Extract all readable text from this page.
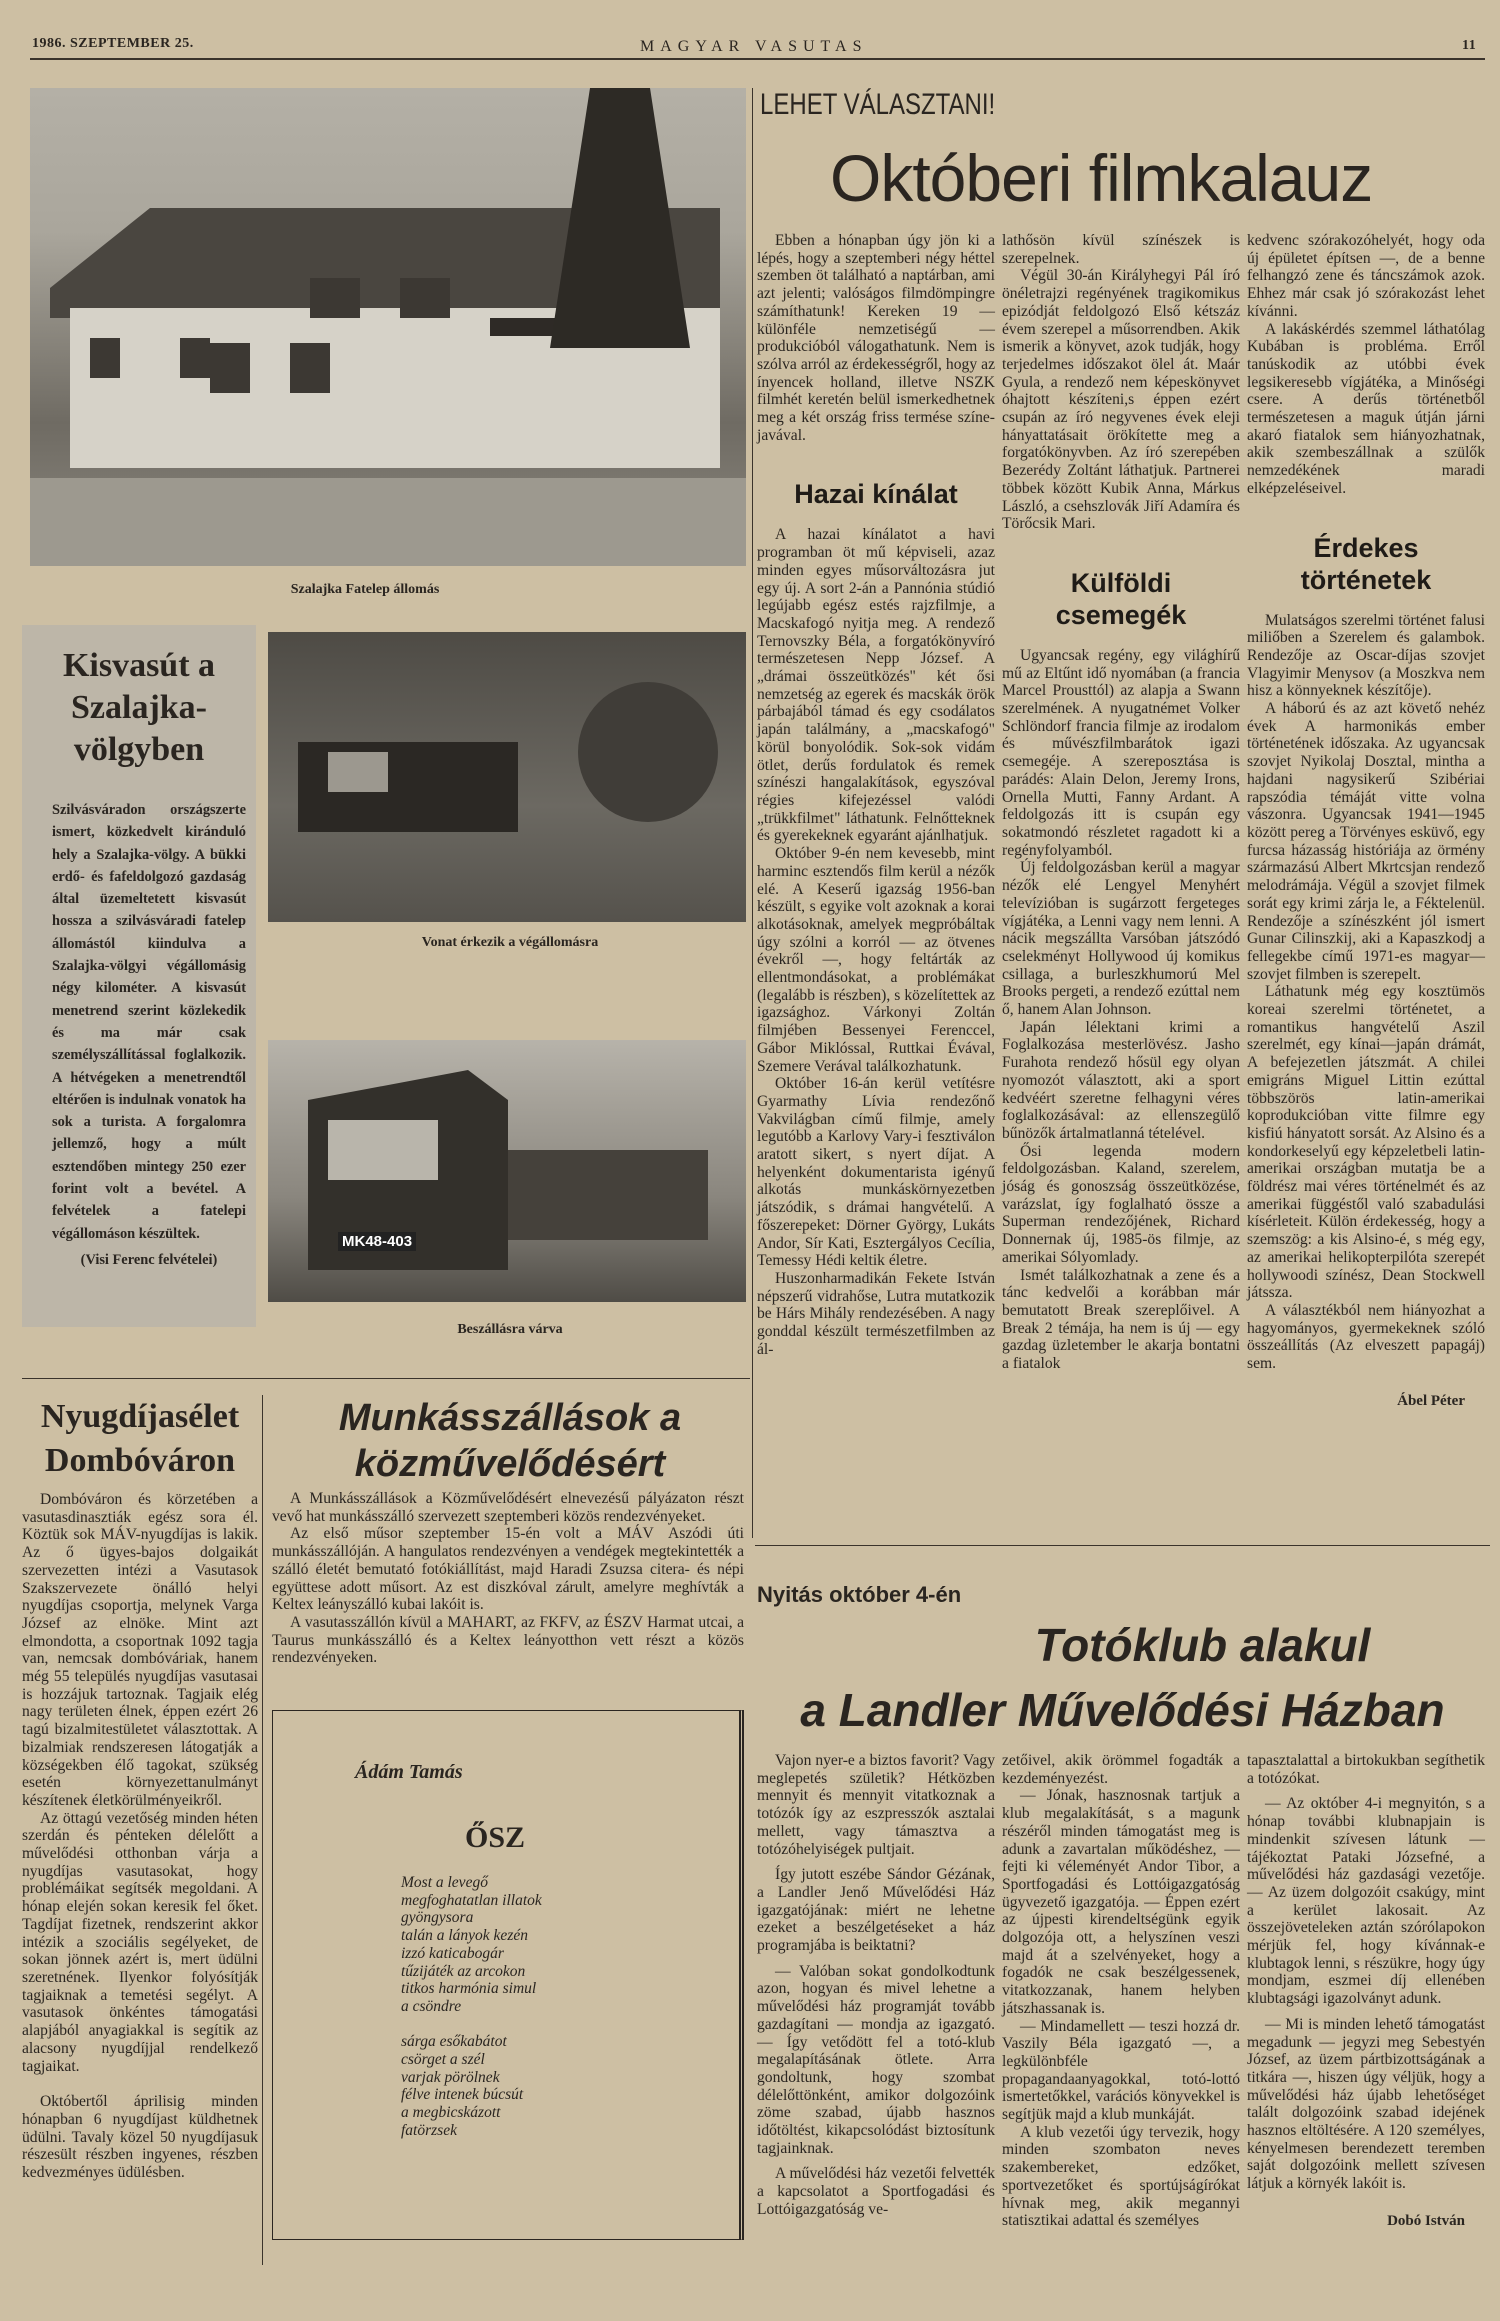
1986. SZEPTEMBER 25.	MAGYAR VASUTAS	11
Szalajka Fatelep állomás
Kisvasút a Szalajka-völgyben
Szilvásváradon országszerte ismert, közkedvelt kiránduló hely a Szalajka-völgy. A bükki erdő- és fafeldolgozó gazdaság által üzemeltetett kisvasút hossza a szilvásváradi fatelep állomástól kiindulva a Szalajka-völgyi végállomásig négy kilométer. A kisvasút menetrend szerint közlekedik és ma már csak személyszállítással foglalkozik. A hétvégeken a menetrendtől eltérően is indulnak vonatok ha sok a turista. A forgalomra jellemző, hogy a múlt esztendőben mintegy 250 ezer forint volt a bevétel. A felvételek a fatelepi végállomáson készültek.
(Visi Ferenc felvételei)
Vonat érkezik a végállomásra
MK48-403
Beszállásra várva
LEHET VÁLASZTANI!
Októberi filmkalauz

Ebben a hónapban úgy jön ki a lépés, hogy a szeptemberi négy héttel szemben öt található a naptárban, ami azt jelenti; valóságos filmdömpingre számíthatunk! Kereken 19 — különféle nemzetiségű — produkcióból válogathatunk. Nem is szólva arról az érdekességről, hogy az ínyencek holland, illetve NSZK filmhét keretén belül ismerkedhetnek meg a két ország friss termése színe-javával.

Hazai kínálat

A hazai kínálatot a havi programban öt mű képviseli, azaz minden egyes műsorváltozásra jut egy új. A sort 2-án a Pannónia stúdió legújabb egész estés rajzfilmje, a Macskafogó nyitja meg. A rendező Ternovszky Béla, a forgatókönyvíró természetesen Nepp József. A „drámai összeütközés" két ősi nemzetség az egerek és macskák örök párbajából támad és egy csodálatos japán találmány, a „macskafogó" körül bonyolódik. Sok-sok vidám ötlet, derűs fordulatok és remek színészi hangalakítások, egyszóval régies kifejezéssel valódi „trükkfilmet" láthatunk. Felnőtteknek és gyerekeknek egyaránt ajánlhatjuk.

Október 9-én nem kevesebb, mint harminc esztendős film kerül a nézők elé. A Keserű igazság 1956-ban készült, s egyike volt azoknak a korai alkotásoknak, amelyek megpróbáltak úgy szólni a korról — az ötvenes évekről —, hogy feltárták az ellentmondásokat, a problémákat (legalább is részben), s közelítettek az igazsághoz. Várkonyi Zoltán filmjében Bessenyei Ferenccel, Gábor Miklóssal, Ruttkai Évával, Szemere Verával találkozhatunk.

Október 16-án kerül vetítésre Gyarmathy Lívia rendezőnő Vakvilágban című filmje, amely legutóbb a Karlovy Vary-i fesztiválon aratott sikert, s nyert díjat. A helyenként dokumentarista igényű alkotás munkáskörnyezetben játszódik, s drámai hangvételű. A főszerepeket: Dörner György, Lukáts Andor, Sír Kati, Esztergályos Cecília, Temessy Hédi keltik életre.

Huszonharmadikán Fekete István népszerű vidrahőse, Lutra mutatkozik be Hárs Mihály rendezésében. A nagy gonddal készült természetfilmben az ál-

lathősön kívül színészek is szerepelnek.

Végül 30-án Királyhegyi Pál író önéletrajzi regényének tragikomikus epizódját feldolgozó Első kétszáz évem szerepel a műsorrendben. Akik ismerik a könyvet, azok tudják, hogy terjedelmes időszakot ölel át. Maár Gyula, a rendező nem képeskönyvet óhajtott készíteni,s éppen ezért csupán az író negyvenes évek eleji hányattatásait örökítette meg a forgatókönyvben. Az író szerepében Bezerédy Zoltánt láthatjuk. Partnerei többek között Kubik Anna, Márkus László, a csehszlovák Jiří Adamíra és Törőcsik Mari.

Külföldi csemegék

Ugyancsak regény, egy világhírű mű az Eltűnt idő nyomában (a francia Marcel Prousttól) az alapja a Swann szerelmének. A nyugatnémet Volker Schlöndorf francia filmje az irodalom és művészfilmbarátok igazi csemegéje. A szereposztása is parádés: Alain Delon, Jeremy Irons, Ornella Mutti, Fanny Ardant. A feldolgozás itt is csupán egy sokatmondó részletet ragadott ki a regényfolyamból.

Új feldolgozásban kerül a magyar nézők elé Lengyel Menyhért televízióban is sugárzott fergeteges vígjátéka, a Lenni vagy nem lenni. A nácik megszállta Varsóban játszódó cselekményt Hollywood új komikus csillaga, a burleszkhumorú Mel Brooks pergeti, a rendező ezúttal nem ő, hanem Alan Johnson.

Japán lélektani krimi a Foglalkozása mesterlövész. Jasho Furahota rendező hősül egy olyan nyomozót választott, aki a sport kedvéért szeretne felhagyni véres foglalkozásával: az ellenszegülő bűnözők ártalmatlanná tételével.

Ősi legenda modern feldolgozásban. Kaland, szerelem, jóság és gonoszság összeütközése, varázslat, így foglalható össze a Superman rendezőjének, Richard Donnernak új, 1985-ös filmje, az amerikai Sólyomlady.

Ismét találkozhatnak a zene és a tánc kedvelői a korábban már bemutatott Break szereplőivel. A Break 2 témája, ha nem is új — egy gazdag üzletember le akarja bontatni a fiatalok

kedvenc szórakozóhelyét, hogy oda új épületet építsen —, de a benne felhangzó zene és táncszámok azok. Ehhez már csak jó szórakozást lehet kívánni.

A lakáskérdés szemmel láthatólag Kubában is probléma. Erről tanúskodik az utóbbi évek legsikeresebb vígjátéka, a Minőségi csere. A derűs történetből természetesen a maguk útján járni akaró fiatalok sem hiányozhatnak, akik szembeszállnak a szülők nemzedékének maradi elképzeléseivel.

Érdekes történetek

Mulatságos szerelmi történet falusi miliőben a Szerelem és galambok. Rendezője az Oscar-díjas szovjet Vlagyimir Menysov (a Moszkva nem hisz a könnyeknek készítője).

A háború és az azt követő nehéz évek A harmonikás ember történetének időszaka. Az ugyancsak szovjet Nyikolaj Dosztal, mintha a hajdani nagysikerű Szibériai rapszódia témáját vitte volna vászonra. Ugyancsak 1941—1945 között pereg a Törvényes esküvő, egy furcsa házasság históriája az örmény származású Albert Mkrtcsjan rendező melodrámája. Végül a szovjet filmek sorát egy krimi zárja le, a Féktelenül. Rendezője a színészként jól ismert Gunar Cilinszkij, aki a Kapaszkodj a fellegekbe című 1971-es magyar—szovjet filmben is szerepelt.

Láthatunk még egy kosztümös koreai szerelmi történetet, a romantikus hangvételű Aszil szerelmét, egy kínai—japán drámát, A befejezetlen játszmát. A chilei emigráns Miguel Littin ezúttal többszörös latin-amerikai koprodukcióban vitte filmre egy kisfiú hányatott sorsát. Az Alsino és a kondorkeselyű egy képzeletbeli latin-amerikai országban mutatja be a földrész mai véres történelmét és az amerikai függéstől való szabadulási kísérleteit. Külön érdekesség, hogy a szemszög: a kis Alsino-é, s még egy, az amerikai helikopterpilóta szerepét hollywoodi színész, Dean Stockwell játssza.

A választékból nem hiányozhat a hagyományos, gyermekeknek szóló összeállítás (Az elveszett papagáj) sem.

Ábel Péter
Nyugdíjasélet Dombóváron

Dombóváron és körzetében a vasutasdinasztiák egész sora él. Köztük sok MÁV-nyugdíjas is lakik. Az ő ügyes-bajos dolgaikát szervezetten intézi a Vasutasok Szakszervezete önálló helyi nyugdíjas csoportja, melynek Varga József az elnöke. Mint azt elmondotta, a csoportnak 1092 tagja van, nemcsak dombóváriak, hanem még 55 település nyugdíjas vasutasai is hozzájuk tartoznak. Tagjaik elég nagy területen élnek, éppen ezért 26 tagú bizalmitestületet választottak. A bizalmiak rendszeresen látogatják a községekben élő tagokat, szükség esetén környezettanulmányt készítenek életkörülményeikről.

Az öttagú vezetőség minden héten szerdán és pénteken délelőtt a művelődési otthonban várja a nyugdíjas vasutasokat, hogy problémáikat segítsék megoldani. A hónap elején sokan keresik fel őket. Tagdíjat fizetnek, rendszerint akkor intézik a szociális segélyeket, de sokan jönnek azért is, mert üdülni szeretnének. Ilyenkor folyósítják tagjaiknak a temetési segélyt. A vasutasok önkéntes támogatási alapjából anyagiakkal is segítik az alacsony nyugdíjjal rendelkező tagjaikat.

Októbertől áprilisig minden hónapban 6 nyugdíjast küldhetnek üdülni. Tavaly közel 50 nyugdíjasuk részesült részben ingyenes, részben kedvezményes üdülésben.

Munkásszállások a közművelődésért

A Munkásszállások a Közművelődésért elnevezésű pályázaton részt vevő hat munkásszálló szervezett szeptemberi közös rendezvényeket.

Az első műsor szeptember 15-én volt a MÁV Aszódi úti munkásszállóján. A hangulatos rendezvényen a vendégek megtekintették a szálló életét bemutató fotókiállítást, majd Haradi Zsuzsa citera- és népi együttese adott műsort. Az est diszkóval zárult, amelyre meghívták a Keltex leányszálló kubai lakóit is.

A vasutasszállón kívül a MAHART, az FKFV, az ÉSZV Harmat utcai, a Taurus munkásszálló és a Keltex leányotthon vett részt a közös rendezvényeken.

Ádám Tamás
ŐSZ
Most a levegő
megfoghatatlan illatok
gyöngysora
talán a lányok kezén
izzó katicabogár
tűzijáték az arcokon
titkos harmónia simul
a csöndre
sárga esőkabátot
csörget a szél
varjak pörölnek
félve intenek búcsút
a megbicskázott
fatörzsek
Nyitás október 4-én
Totóklub alakul
a Landler Művelődési Házban

Vajon nyer-e a biztos favorit? Vagy meglepetés születik? Hétközben mennyit és mennyit vitatkoznak a totózók így az eszpresszók asztalai mellett, vagy támasztva a totózóhelyiségek pultjait.

Így jutott eszébe Sándor Gézának, a Landler Jenő Művelődési Ház igazgatójának: miért ne lehetne ezeket a beszélgetéseket a ház programjába is beiktatni?

— Valóban sokat gondolkodtunk azon, hogyan és mivel lehetne a művelődési ház programját tovább gazdagítani — mondja az igazgató. — Így vetődött fel a totó-klub megalapításának ötlete. Arra gondoltunk, hogy szombat délelőttönként, amikor dolgozóink zöme szabad, újabb hasznos időtöltést, kikapcsolódást biztosítunk tagjainknak.

A művelődési ház vezetői felvették a kapcsolatot a Sportfogadási és Lottóigazgatóság ve-

zetőivel, akik örömmel fogadták a kezdeményezést.

— Jónak, hasznosnak tartjuk a klub megalakítását, s a magunk részéről minden támogatást meg is adunk a zavartalan működéshez, — fejti ki véleményét Andor Tibor, a Sportfogadási és Lottóigazgatóság ügyvezető igazgatója. — Éppen ezért az újpesti kirendeltségünk egyik dolgozója ott, a helyszínen veszi majd át a szelvényeket, hogy a fogadók ne csak beszélgessenek, vitatkozzanak, hanem helyben játszhassanak is.

— Mindamellett — teszi hozzá dr. Vaszily Béla igazgató —, a legkülönbféle propagandaanyagokkal, totó-lottó ismertetőkkel, varációs könyvekkel is segítjük majd a klub munkáját.

A klub vezetői úgy tervezik, hogy minden szombaton neves szakembereket, edzőket, sportvezetőket és sportújságírókat hívnak meg, akik megannyi statisztikai adattal és személyes

tapasztalattal a birtokukban segíthetik a totózókat.

— Az október 4-i megnyitón, s a hónap további klubnapjain is mindenkit szívesen látunk — tájékoztat Pataki Józsefné, a művelődési ház gazdasági vezetője. — Az üzem dolgozóit csakúgy, mint a kerület lakosait. Az összejöveteleken aztán szórólapokon mérjük fel, hogy kívánnak-e klubtagok lenni, s részükre, hogy úgy mondjam, eszmei díj ellenében klubtagsági igazolványt adunk.

— Mi is minden lehető támogatást megadunk — jegyzi meg Sebestyén József, az üzem pártbizottságának a titkára —, hiszen úgy véljük, hogy a művelődési ház újabb lehetőséget talált dolgozóink szabad idejének hasznos eltöltésére. A 120 személyes, kényelmesen berendezett teremben saját dolgozóink mellett szívesen látjuk a környék lakóit is.

Dobó István
